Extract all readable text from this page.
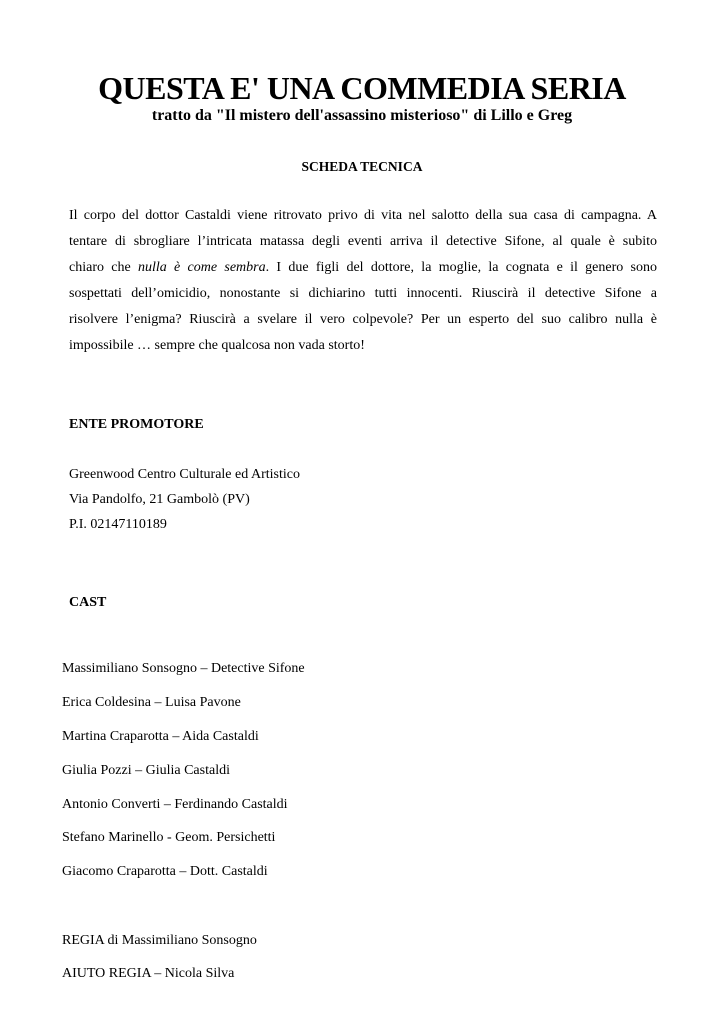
QUESTA E' UNA COMMEDIA SERIA
tratto da "Il mistero dell'assassino misterioso" di Lillo e Greg
SCHEDA TECNICA
Il corpo del dottor Castaldi viene ritrovato privo di vita nel salotto della sua casa di campagna. A
tentare di sbrogliare l’intricata matassa degli eventi arriva il detective Sifone, al quale è subito
chiaro che nulla è come sembra. I due figli del dottore, la moglie, la cognata e il genero sono
sospettati dell’omicidio, nonostante si dichiarino tutti innocenti. Riuscirà il detective Sifone a
risolvere l’enigma? Riuscirà a svelare il vero colpevole? Per un esperto del suo calibro nulla è
impossibile … sempre che qualcosa non vada storto!
ENTE PROMOTORE
Greenwood Centro Culturale ed Artistico
Via Pandolfo, 21 Gambolò (PV)
P.I. 02147110189
CAST
Massimiliano Sonsogno – Detective Sifone
Erica Coldesina – Luisa Pavone
Martina Craparotta – Aida Castaldi
Giulia Pozzi – Giulia Castaldi
Antonio Converti – Ferdinando Castaldi
Stefano Marinello - Geom. Persichetti
Giacomo Craparotta – Dott. Castaldi
REGIA di Massimiliano Sonsogno
AIUTO REGIA – Nicola Silva
